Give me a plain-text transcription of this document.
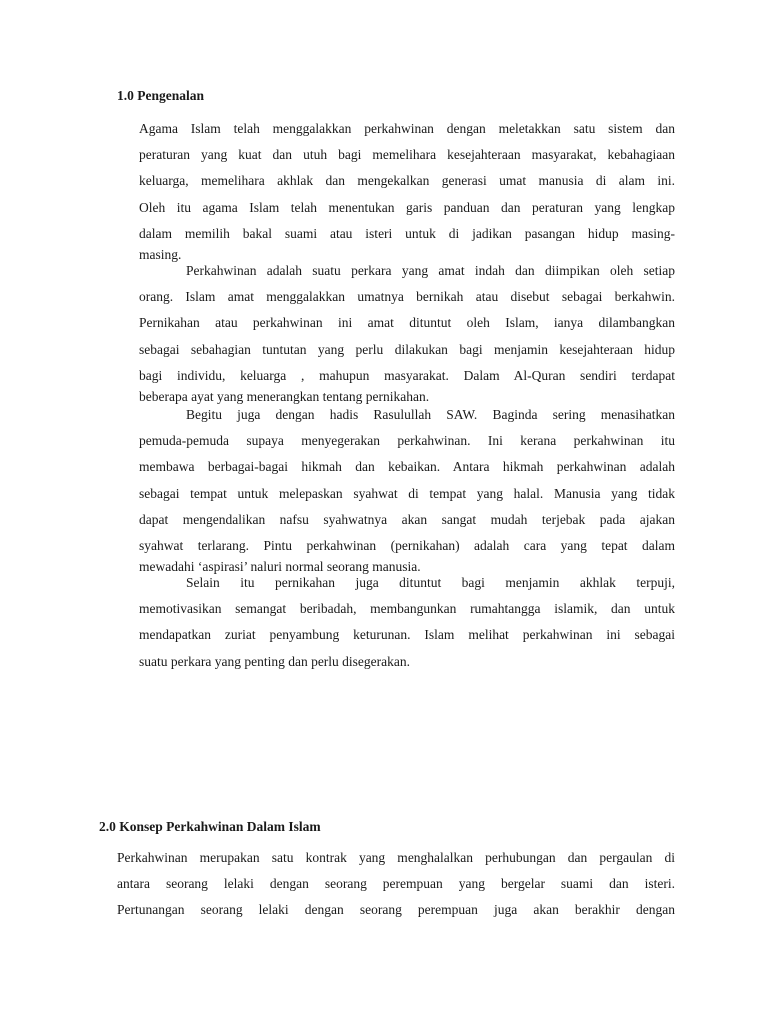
1.0 Pengenalan
Agama Islam telah menggalakkan perkahwinan dengan meletakkan satu sistem dan
peraturan yang kuat dan utuh bagi memelihara kesejahteraan masyarakat, kebahagiaan
keluarga, memelihara akhlak dan mengekalkan generasi umat manusia di alam ini.
Oleh itu agama Islam telah menentukan garis panduan dan peraturan yang lengkap
dalam memilih bakal suami atau isteri untuk di jadikan pasangan hidup masing-
masing.
Perkahwinan adalah suatu perkara yang amat indah dan diimpikan oleh setiap
orang. Islam amat menggalakkan umatnya bernikah atau disebut sebagai berkahwin.
Pernikahan atau perkahwinan ini amat dituntut oleh Islam, ianya dilambangkan
sebagai sebahagian tuntutan yang perlu dilakukan bagi menjamin kesejahteraan hidup
bagi individu, keluarga , mahupun masyarakat. Dalam Al-Quran sendiri terdapat
beberapa ayat yang menerangkan tentang pernikahan.
Begitu juga dengan hadis Rasulullah SAW. Baginda sering menasihatkan
pemuda-pemuda supaya menyegerakan perkahwinan. Ini kerana perkahwinan itu
membawa berbagai-bagai hikmah dan kebaikan. Antara hikmah perkahwinan adalah
sebagai tempat untuk melepaskan syahwat di tempat yang halal. Manusia yang tidak
dapat mengendalikan nafsu syahwatnya akan sangat mudah terjebak pada ajakan
syahwat terlarang. Pintu perkahwinan (pernikahan) adalah cara yang tepat dalam
mewadahi ‘aspirasi’ naluri normal seorang manusia.
Selain itu pernikahan juga dituntut bagi menjamin akhlak terpuji,
memotivasikan semangat beribadah, membangunkan rumahtangga islamik, dan untuk
mendapatkan zuriat penyambung keturunan. Islam melihat perkahwinan ini sebagai
suatu perkara yang penting dan perlu disegerakan.
2.0 Konsep Perkahwinan Dalam Islam
Perkahwinan merupakan satu kontrak yang menghalalkan perhubungan dan pergaulan di
antara seorang lelaki dengan seorang perempuan yang bergelar suami dan isteri.
Pertunangan seorang lelaki dengan seorang perempuan juga akan berakhir dengan
